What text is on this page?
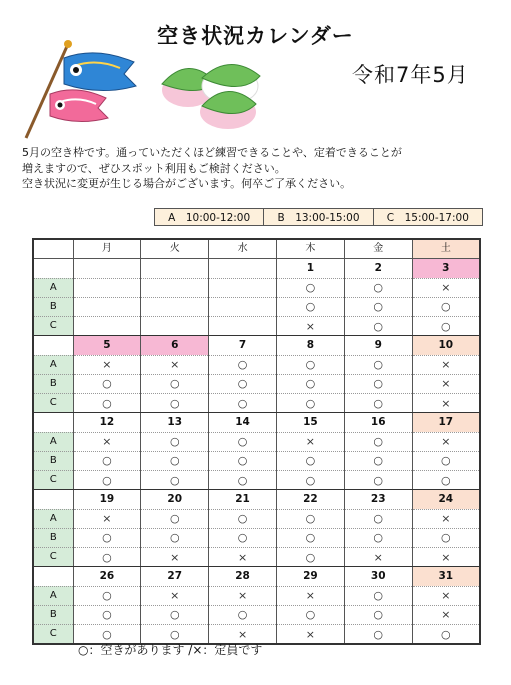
空き状況カレンダー
令和7年5月
5月の空き枠です。通っていただくほど練習できることや、定着できることが
増えますので、ぜひスポット利用もご検討ください。
空き状況に変更が生じる場合がございます。何卒ご了承ください。
A　10:00-12:00	B　13:00-15:00	C　15:00-17:00
	月	火	水	木	金	土
				1	2	3
A				○	○	×
B				○	○	○
C				×	○	○
	5	6	7	8	9	10
A	×	×	○	○	○	×
B	○	○	○	○	○	×
C	○	○	○	○	○	×
	12	13	14	15	16	17
A	×	○	○	×	○	×
B	○	○	○	○	○	○
C	○	○	○	○	○	○
	19	20	21	22	23	24
A	×	○	○	○	○	×
B	○	○	○	○	○	○
C	○	×	×	○	×	×
	26	27	28	29	30	31
A	○	×	×	×	○	×
B	○	○	○	○	○	×
C	○	○	×	×	○	○
○：空きがあります /×：定員です
